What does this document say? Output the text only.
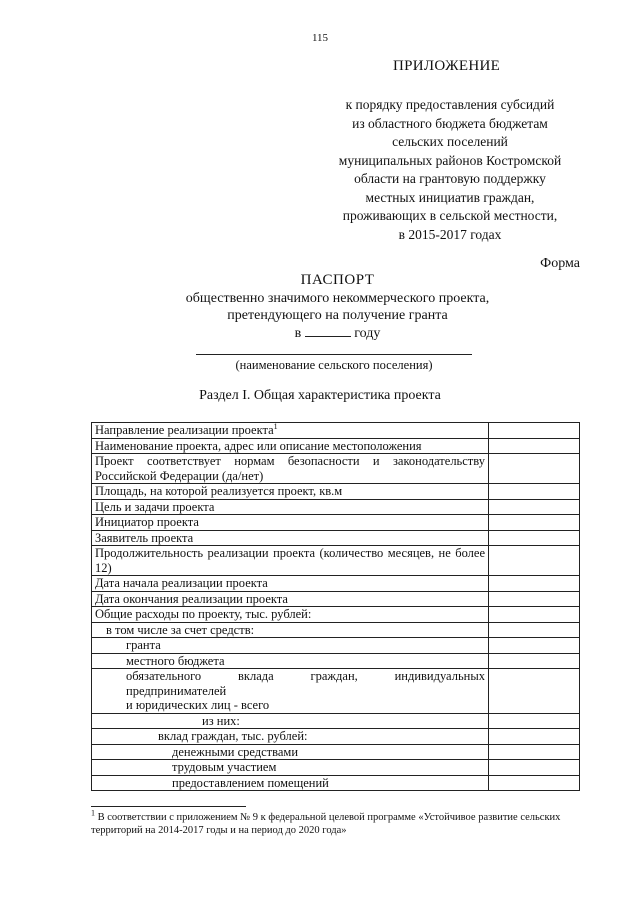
115
ПРИЛОЖЕНИЕ
к порядку предоставления субсидий
из областного бюджета бюджетам
сельских поселений
муниципальных районов Костромской
области на грантовую поддержку
местных инициатив граждан,
проживающих в сельской местности,
в 2015-2017 годах
Форма
ПАСПОРТ
общественно значимого некоммерческого проекта,
претендующего на получение гранта
в	году
(наименование сельского поселения)
Раздел I. Общая характеристика проекта
Направление реализации проекта$^1$	
Наименование проекта, адрес или описание местоположения	
Проект соответствует нормам безопасности и законодательству Российской Федерации (да/нет)	
Площадь, на которой реализуется проект, кв.м	
Цель и задачи проекта	
Инициатор проекта	
Заявитель проекта	
Продолжительность реализации проекта (количество месяцев, не более 12)	
Дата начала реализации проекта	
Дата окончания реализации проекта	
Общие расходы по проекту, тыс. рублей:	
в том числе за счет средств:	
гранта	
местного бюджета	

обязательного вклада граждан, индивидуальных предпринимателей
и юридических лиц - всего	

из них:	
вклад граждан, тыс. рублей:	
денежными средствами	
трудовым участием	
предоставлением помещений	
$^1$ В соответствии с приложением № 9 к федеральной целевой программе «Устойчивое развитие сельских территорий на 2014-2017 годы и на период до 2020 года»
